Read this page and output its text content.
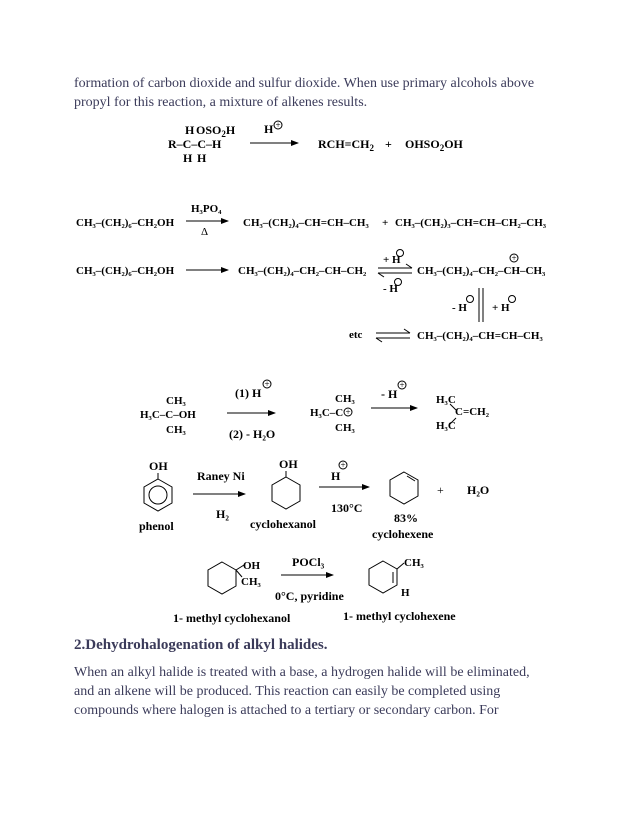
formation of carbon dioxide and sulfur dioxide. When use primary alcohols above
propyl for this reaction, a mixture of alkenes results.

H $OSO_2H$
R–C–C–H
H H
H +
$RCH=CH_2$ + $OHSO_2OH$
CH₃–(CH₂)₆–CH₂OH
H₃PO₄
Δ
CH₃–(CH₂)₄–CH=CH–CH₃ + CH₃–(CH₂)₃–CH=CH–CH₂–CH₃
CH₃–(CH₂)₆–CH₂OH	CH₃–(CH₂)₄–CH₂–CH–CH₂
+ H
- H
CH₃–(CH₂)₄–CH₂–CH–CH₃
+
- H + H
etc	CH₃–(CH₂)₄–CH=CH–CH₃
CH₃
H₃C–C–OH
CH₃
(1) H
+
(2) - H₂O
CH₃
H₃C–C +
CH₃
- H
+
H₃C
C=CH₂
H₃C
OH
phenol
Raney Ni
H₂
OH
cyclohexanol
H
+
130°C
83%
cyclohexene
+ H₂O
OH
CH₃
POCl₃
0°C, pyridine
CH₃
H
1- methyl cyclohexanol	1- methyl cyclohexene

2.Dehydrohalogenation of alkyl halides.

When an alkyl halide is treated with a base, a hydrogen halide will be eliminated,
and an alkene will be produced. This reaction can easily be completed using
compounds where halogen is attached to a tertiary or secondary carbon. For
